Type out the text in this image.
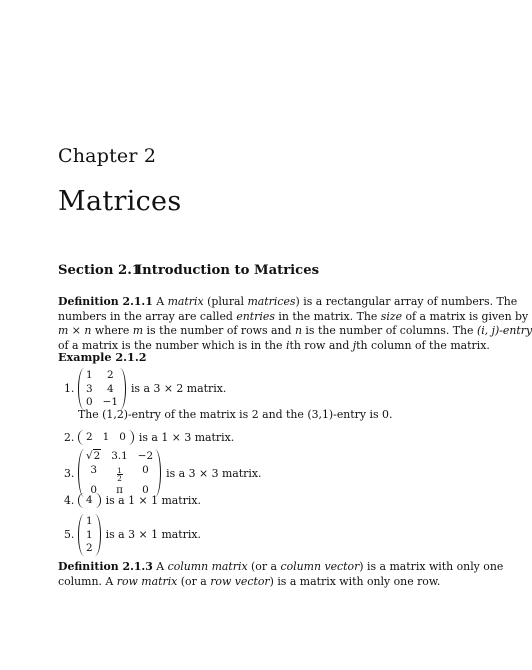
Chapter 2
Matrices
Section 2.1Introduction to Matrices
Definition 2.1.1 A matrix (plural matrices) is a rectangular array of numbers. The
numbers in the array are called entries in the matrix. The size of a matrix is given by
m × n where m is the number of rows and n is the number of columns. The (i, j)-entry
of a matrix is the number which is in the ith row and jth column of the matrix.
Example 2.1.2
1.
1	2
3	4
0 −1
is a 3 × 2 matrix.
The (1,2)-entry of the matrix is 2 and the (3,1)-entry is 0.
2.	2 1 0 is a 1 × 3 matrix.
3.
√2 3.1 −2
3	$\frac{1}{2}$	0
0	π	0
is a 3 × 3 matrix.
4.	4 is a 1 × 1 matrix.
5.
1
1
2
is a 3 × 1 matrix.
Definition 2.1.3 A column matrix (or a column vector) is a matrix with only one
column. A row matrix (or a row vector) is a matrix with only one row.
